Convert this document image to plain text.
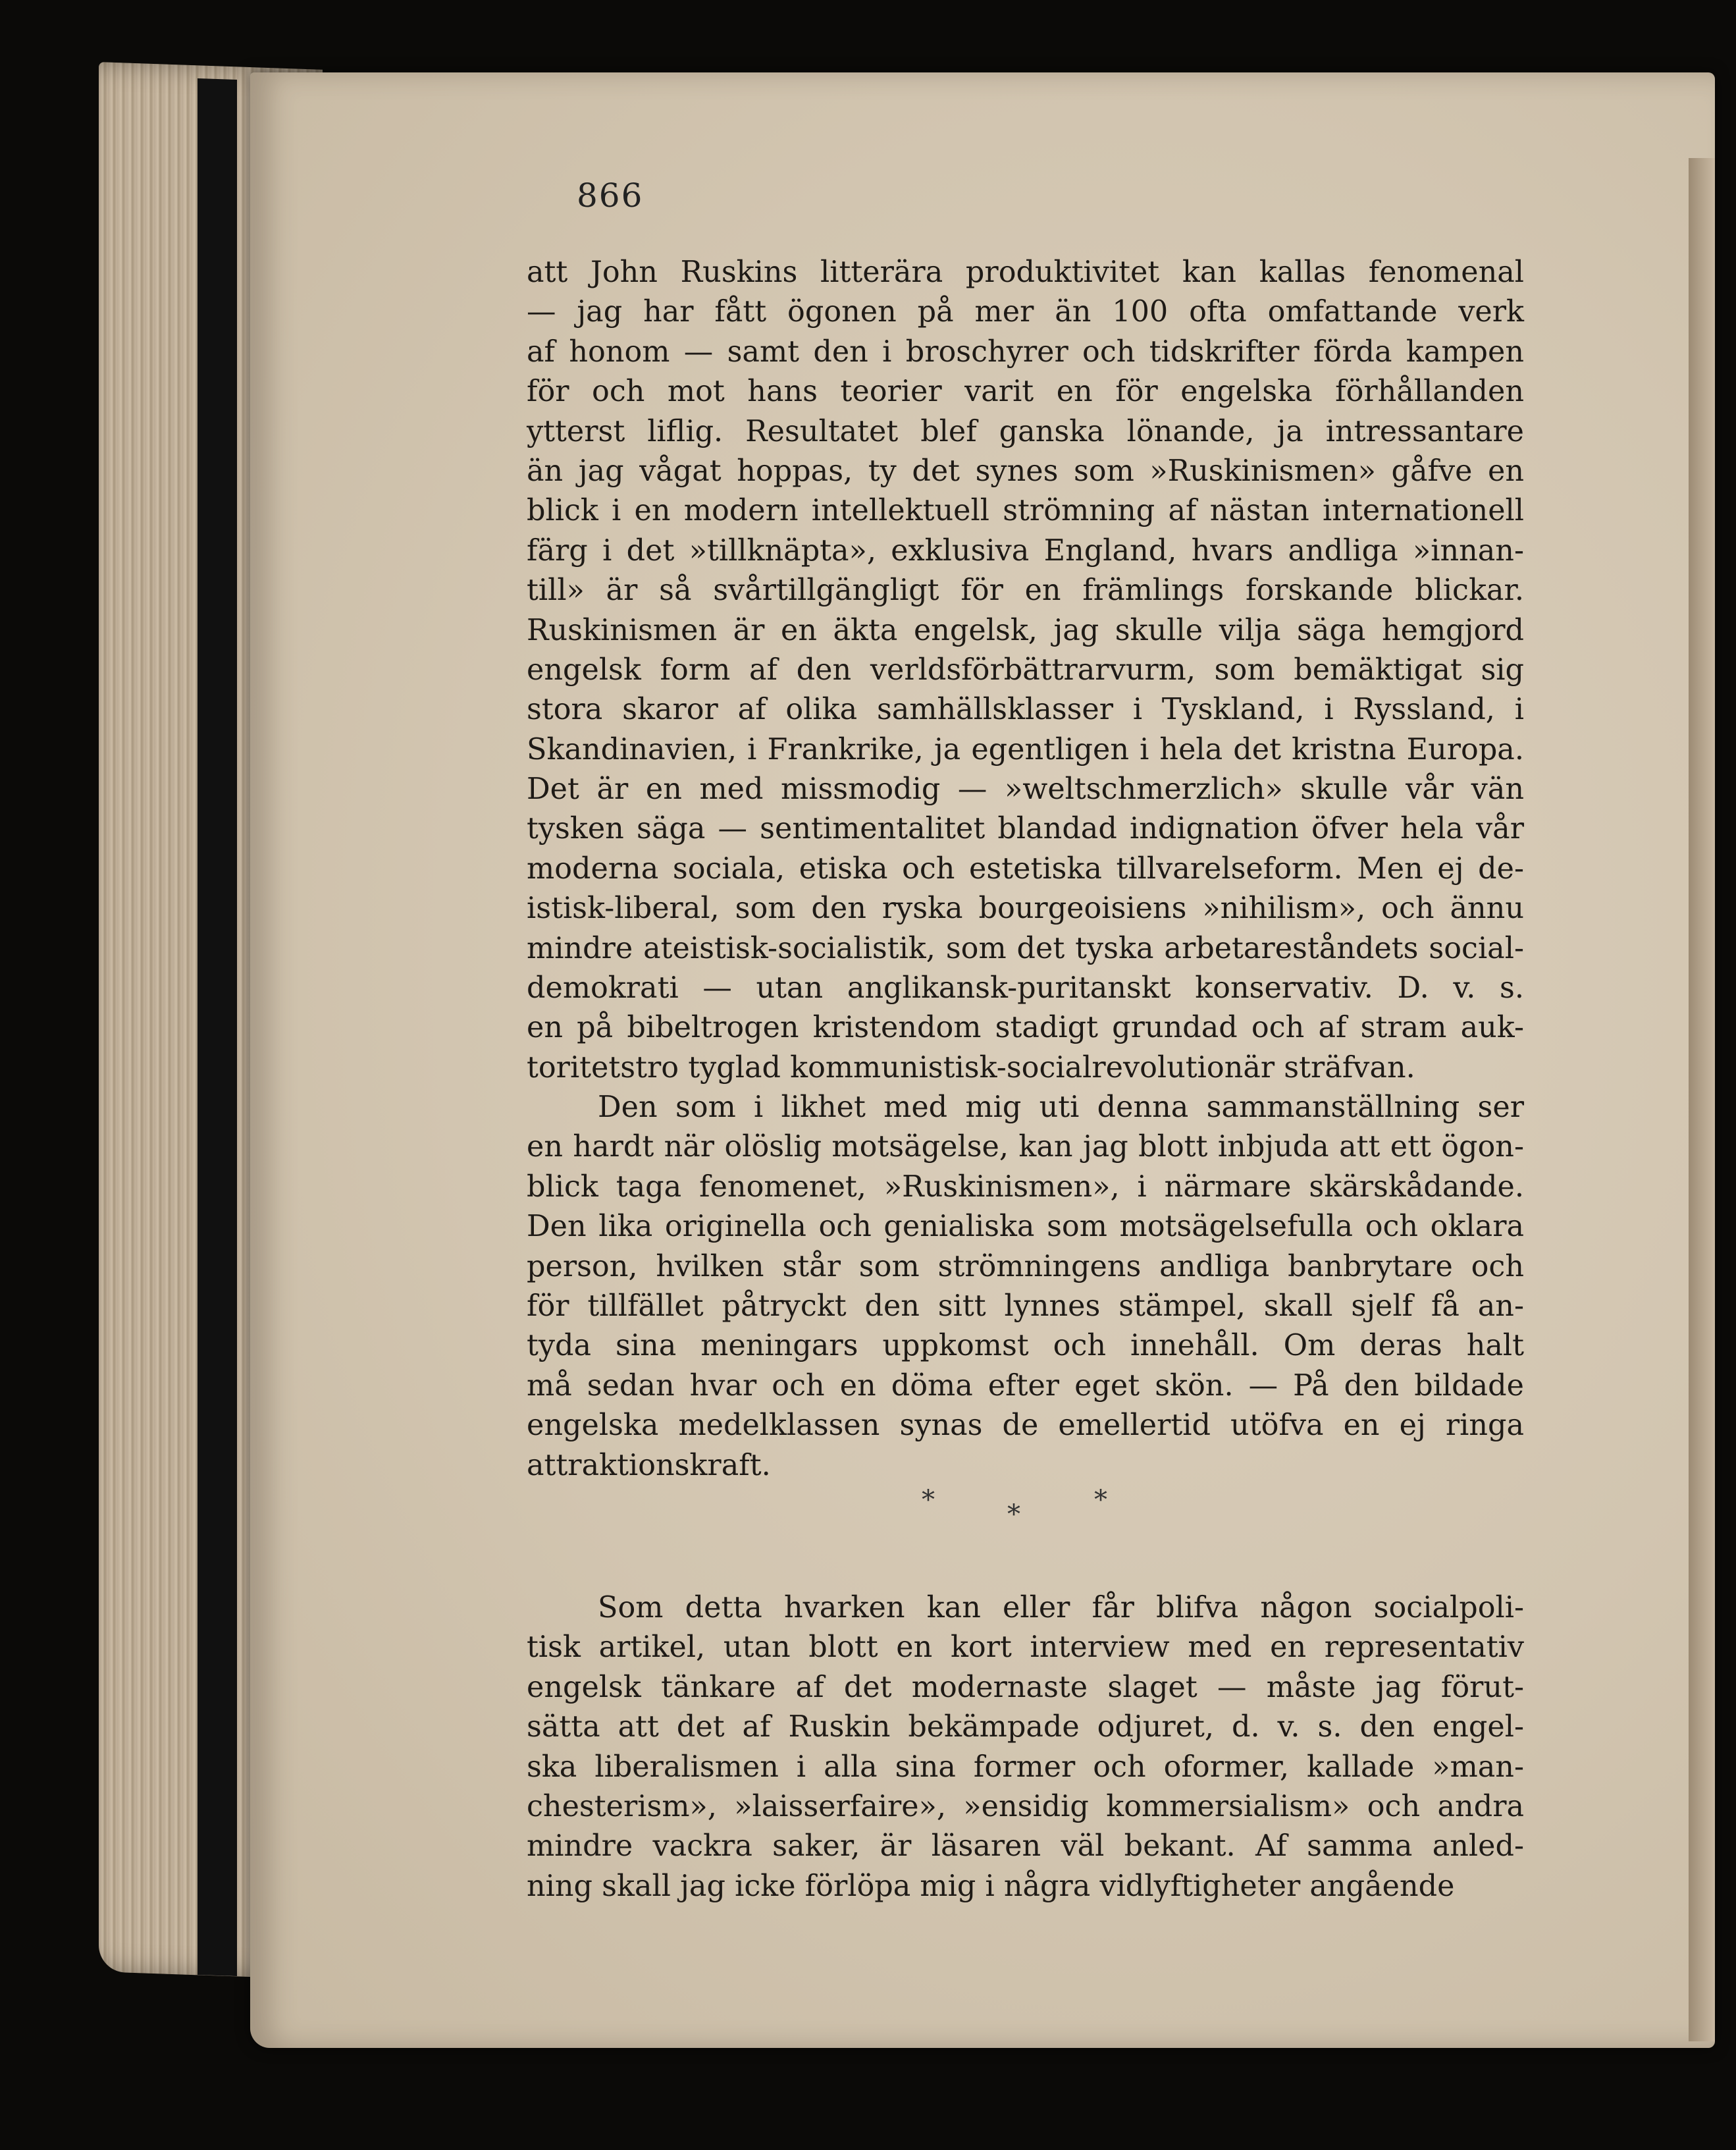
866
att John Ruskins litterära produktivitet kan kallas fenomenal
— jag har fått ögonen på mer än 100 ofta omfattande verk
af honom — samt den i broschyrer och tidskrifter förda kampen
för och mot hans teorier varit en för engelska förhållanden
ytterst liflig. Resultatet blef ganska lönande, ja intressantare
än jag vågat hoppas, ty det synes som »Ruskinismen» gåfve en
blick i en modern intellektuell strömning af nästan internationell
färg i det »tillknäpta», exklusiva England, hvars andliga »innan-
till» är så svårtillgängligt för en främlings forskande blickar.
Ruskinismen är en äkta engelsk, jag skulle vilja säga hemgjord
engelsk form af den verldsförbättrarvurm, som bemäktigat sig
stora skaror af olika samhällsklasser i Tyskland, i Ryssland, i
Skandinavien, i Frankrike, ja egentligen i hela det kristna Europa.
Det är en med missmodig — »weltschmerzlich» skulle vår vän
tysken säga — sentimentalitet blandad indignation öfver hela vår
moderna sociala, etiska och estetiska tillvarelseform. Men ej de-
istisk-liberal, som den ryska bourgeoisiens »nihilism», och ännu
mindre ateistisk-socialistik, som det tyska arbetareståndets social-
demokrati — utan anglikansk-puritanskt konservativ. D. v. s.
en på bibeltrogen kristendom stadigt grundad och af stram auk-
toritetstro tyglad kommunistisk-socialrevolutionär sträfvan.
Den som i likhet med mig uti denna sammanställning ser
en hardt när olöslig motsägelse, kan jag blott inbjuda att ett ögon-
blick taga fenomenet, »Ruskinismen», i närmare skärskådande.
Den lika originella och genialiska som motsägelsefulla och oklara
person, hvilken står som strömningens andliga banbrytare och
för tillfället påtryckt den sitt lynnes stämpel, skall sjelf få an-
tyda sina meningars uppkomst och innehåll. Om deras halt
må sedan hvar och en döma efter eget skön. — På den bildade
engelska medelklassen synas de emellertid utöfva en ej ringa
attraktionskraft.
*	*	*
Som detta hvarken kan eller får blifva någon socialpoli-
tisk artikel, utan blott en kort interview med en representativ
engelsk tänkare af det modernaste slaget — måste jag förut-
sätta att det af Ruskin bekämpade odjuret, d. v. s. den engel-
ska liberalismen i alla sina former och oformer, kallade »man-
chesterism», »laisserfaire», »ensidig kommersialism» och andra
mindre vackra saker, är läsaren väl bekant. Af samma anled-
ning skall jag icke förlöpa mig i några vidlyftigheter angående
